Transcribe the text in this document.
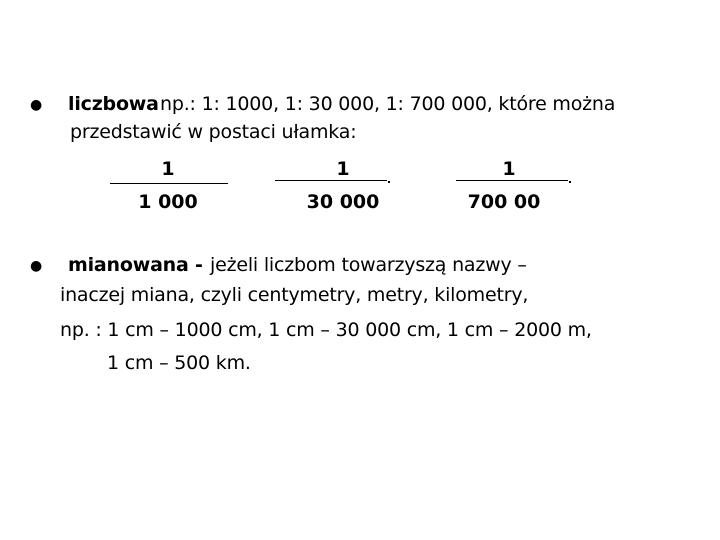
● liczbowa np.: 1: 1000, 1: 30 000, 1: 700 000, które można
przedstawić w postaci ułamka:
1
1 000
1
30 000
1
700 00
● mianowana - jeżeli liczbom towarzyszą nazwy –
inaczej miana, czyli centymetry, metry, kilometry,
np. : 1 cm – 1000 cm, 1 cm – 30 000 cm, 1 cm – 2000 m,
1 cm – 500 km.
